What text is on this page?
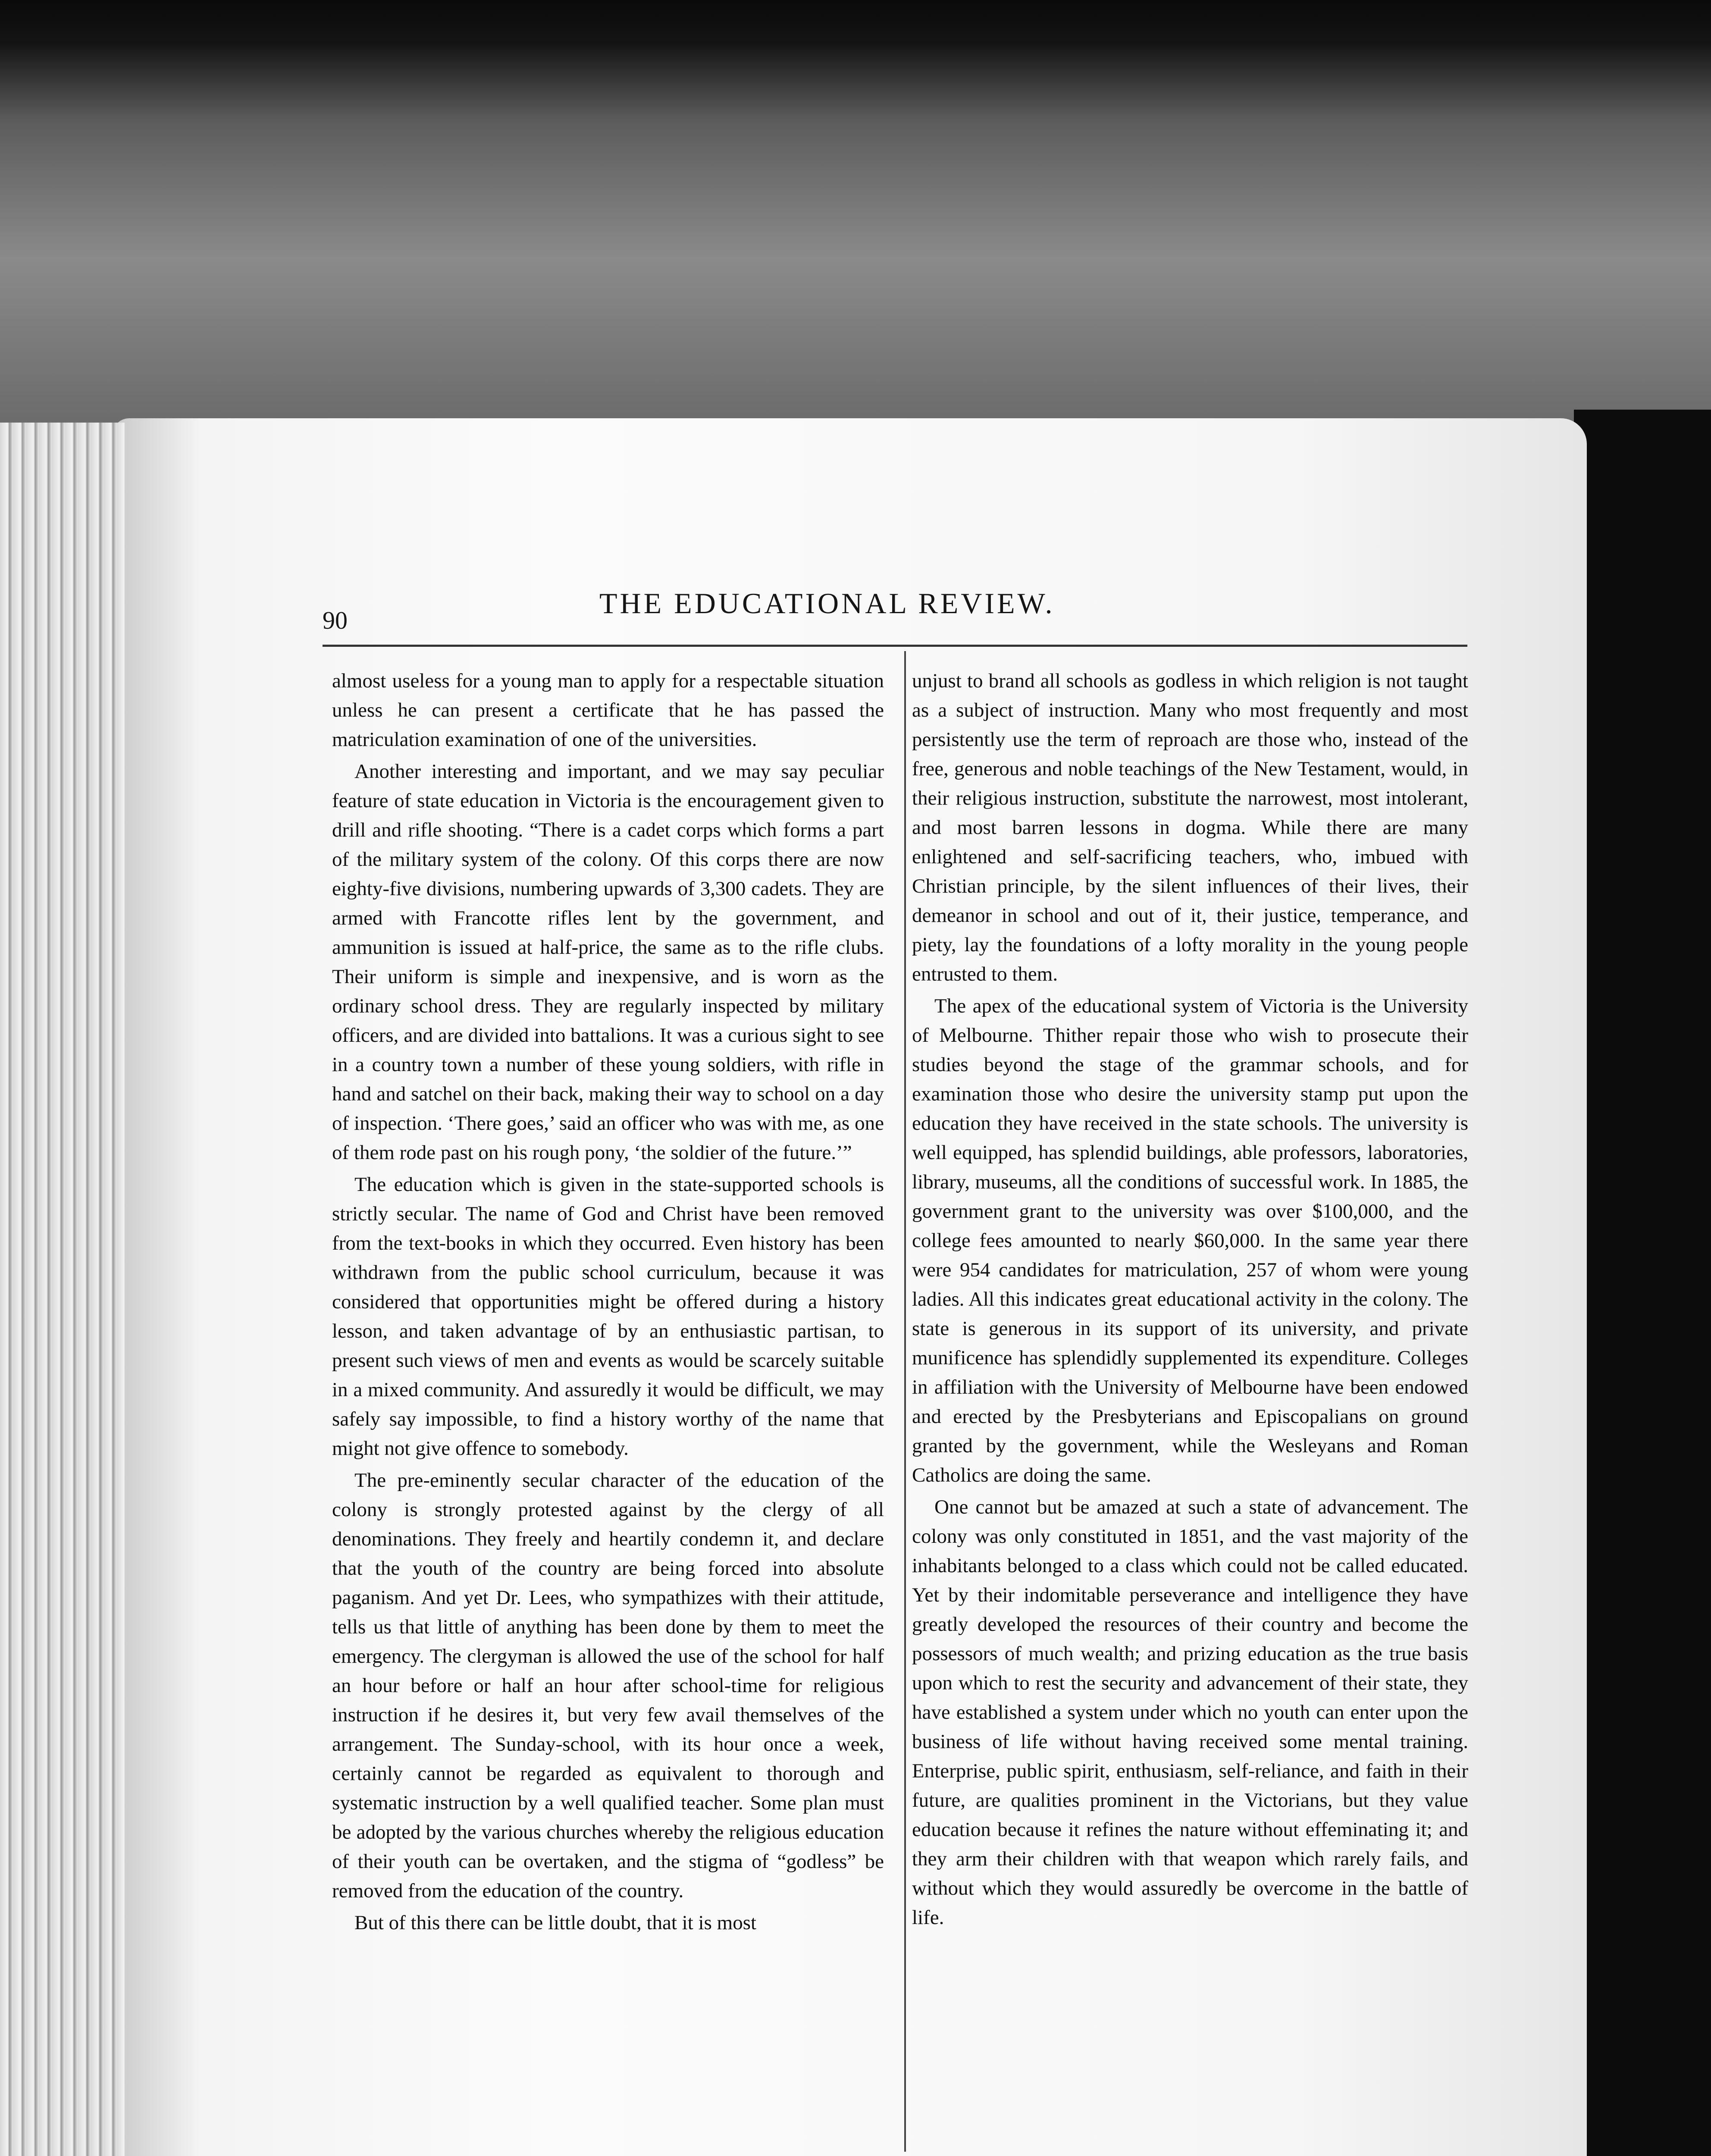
90

THE EDUCATIONAL REVIEW.

almost useless for a young man to apply for a respectable situation unless he can present a certificate that he has passed the matriculation examination of one of the universities.

Another interesting and important, and we may say peculiar feature of state education in Victoria is the encouragement given to drill and rifle shooting. “There is a cadet corps which forms a part of the military system of the colony. Of this corps there are now eighty-five divisions, numbering upwards of 3,300 cadets. They are armed with Francotte rifles lent by the government, and ammunition is issued at half-price, the same as to the rifle clubs. Their uniform is simple and inexpensive, and is worn as the ordinary school dress. They are regularly inspected by military officers, and are divided into battalions. It was a curious sight to see in a country town a number of these young soldiers, with rifle in hand and satchel on their back, making their way to school on a day of inspection. ‘There goes,’ said an officer who was with me, as one of them rode past on his rough pony, ‘the soldier of the future.’”

The education which is given in the state-supported schools is strictly secular. The name of God and Christ have been removed from the text-books in which they occurred. Even history has been withdrawn from the public school curriculum, because it was considered that opportunities might be offered during a history lesson, and taken advantage of by an enthusiastic partisan, to present such views of men and events as would be scarcely suitable in a mixed community. And assuredly it would be difficult, we may safely say impossible, to find a history worthy of the name that might not give offence to somebody.

The pre-eminently secular character of the education of the colony is strongly protested against by the clergy of all denominations. They freely and heartily condemn it, and declare that the youth of the country are being forced into absolute paganism. And yet Dr. Lees, who sympathizes with their attitude, tells us that little of anything has been done by them to meet the emergency. The clergyman is allowed the use of the school for half an hour before or half an hour after school-time for religious instruction if he desires it, but very few avail themselves of the arrangement. The Sunday-school, with its hour once a week, certainly cannot be regarded as equivalent to thorough and systematic instruction by a well qualified teacher. Some plan must be adopted by the various churches whereby the religious education of their youth can be overtaken, and the stigma of “godless” be removed from the education of the country.

But of this there can be little doubt, that it is most

unjust to brand all schools as godless in which religion is not taught as a subject of instruction. Many who most frequently and most persistently use the term of reproach are those who, instead of the free, generous and noble teachings of the New Testament, would, in their religious instruction, substitute the narrowest, most intolerant, and most barren lessons in dogma. While there are many enlightened and self-sacrificing teachers, who, imbued with Christian principle, by the silent influences of their lives, their demeanor in school and out of it, their justice, temperance, and piety, lay the foundations of a lofty morality in the young people entrusted to them.

The apex of the educational system of Victoria is the University of Melbourne. Thither repair those who wish to prosecute their studies beyond the stage of the grammar schools, and for examination those who desire the university stamp put upon the education they have received in the state schools. The university is well equipped, has splendid buildings, able professors, laboratories, library, museums, all the conditions of successful work. In 1885, the government grant to the university was over $100,000, and the college fees amounted to nearly $60,000. In the same year there were 954 candidates for matriculation, 257 of whom were young ladies. All this indicates great educational activity in the colony. The state is generous in its support of its university, and private munificence has splendidly supplemented its expenditure. Colleges in affiliation with the University of Melbourne have been endowed and erected by the Presbyterians and Episcopalians on ground granted by the government, while the Wesleyans and Roman Catholics are doing the same.

One cannot but be amazed at such a state of advancement. The colony was only constituted in 1851, and the vast majority of the inhabitants belonged to a class which could not be called educated. Yet by their indomitable perseverance and intelligence they have greatly developed the resources of their country and become the possessors of much wealth; and prizing education as the true basis upon which to rest the security and advancement of their state, they have established a system under which no youth can enter upon the business of life without having received some mental training. Enterprise, public spirit, enthusiasm, self-reliance, and faith in their future, are qualities prominent in the Victorians, but they value education because it refines the nature without effeminating it; and they arm their children with that weapon which rarely fails, and without which they would assuredly be overcome in the battle of life.
